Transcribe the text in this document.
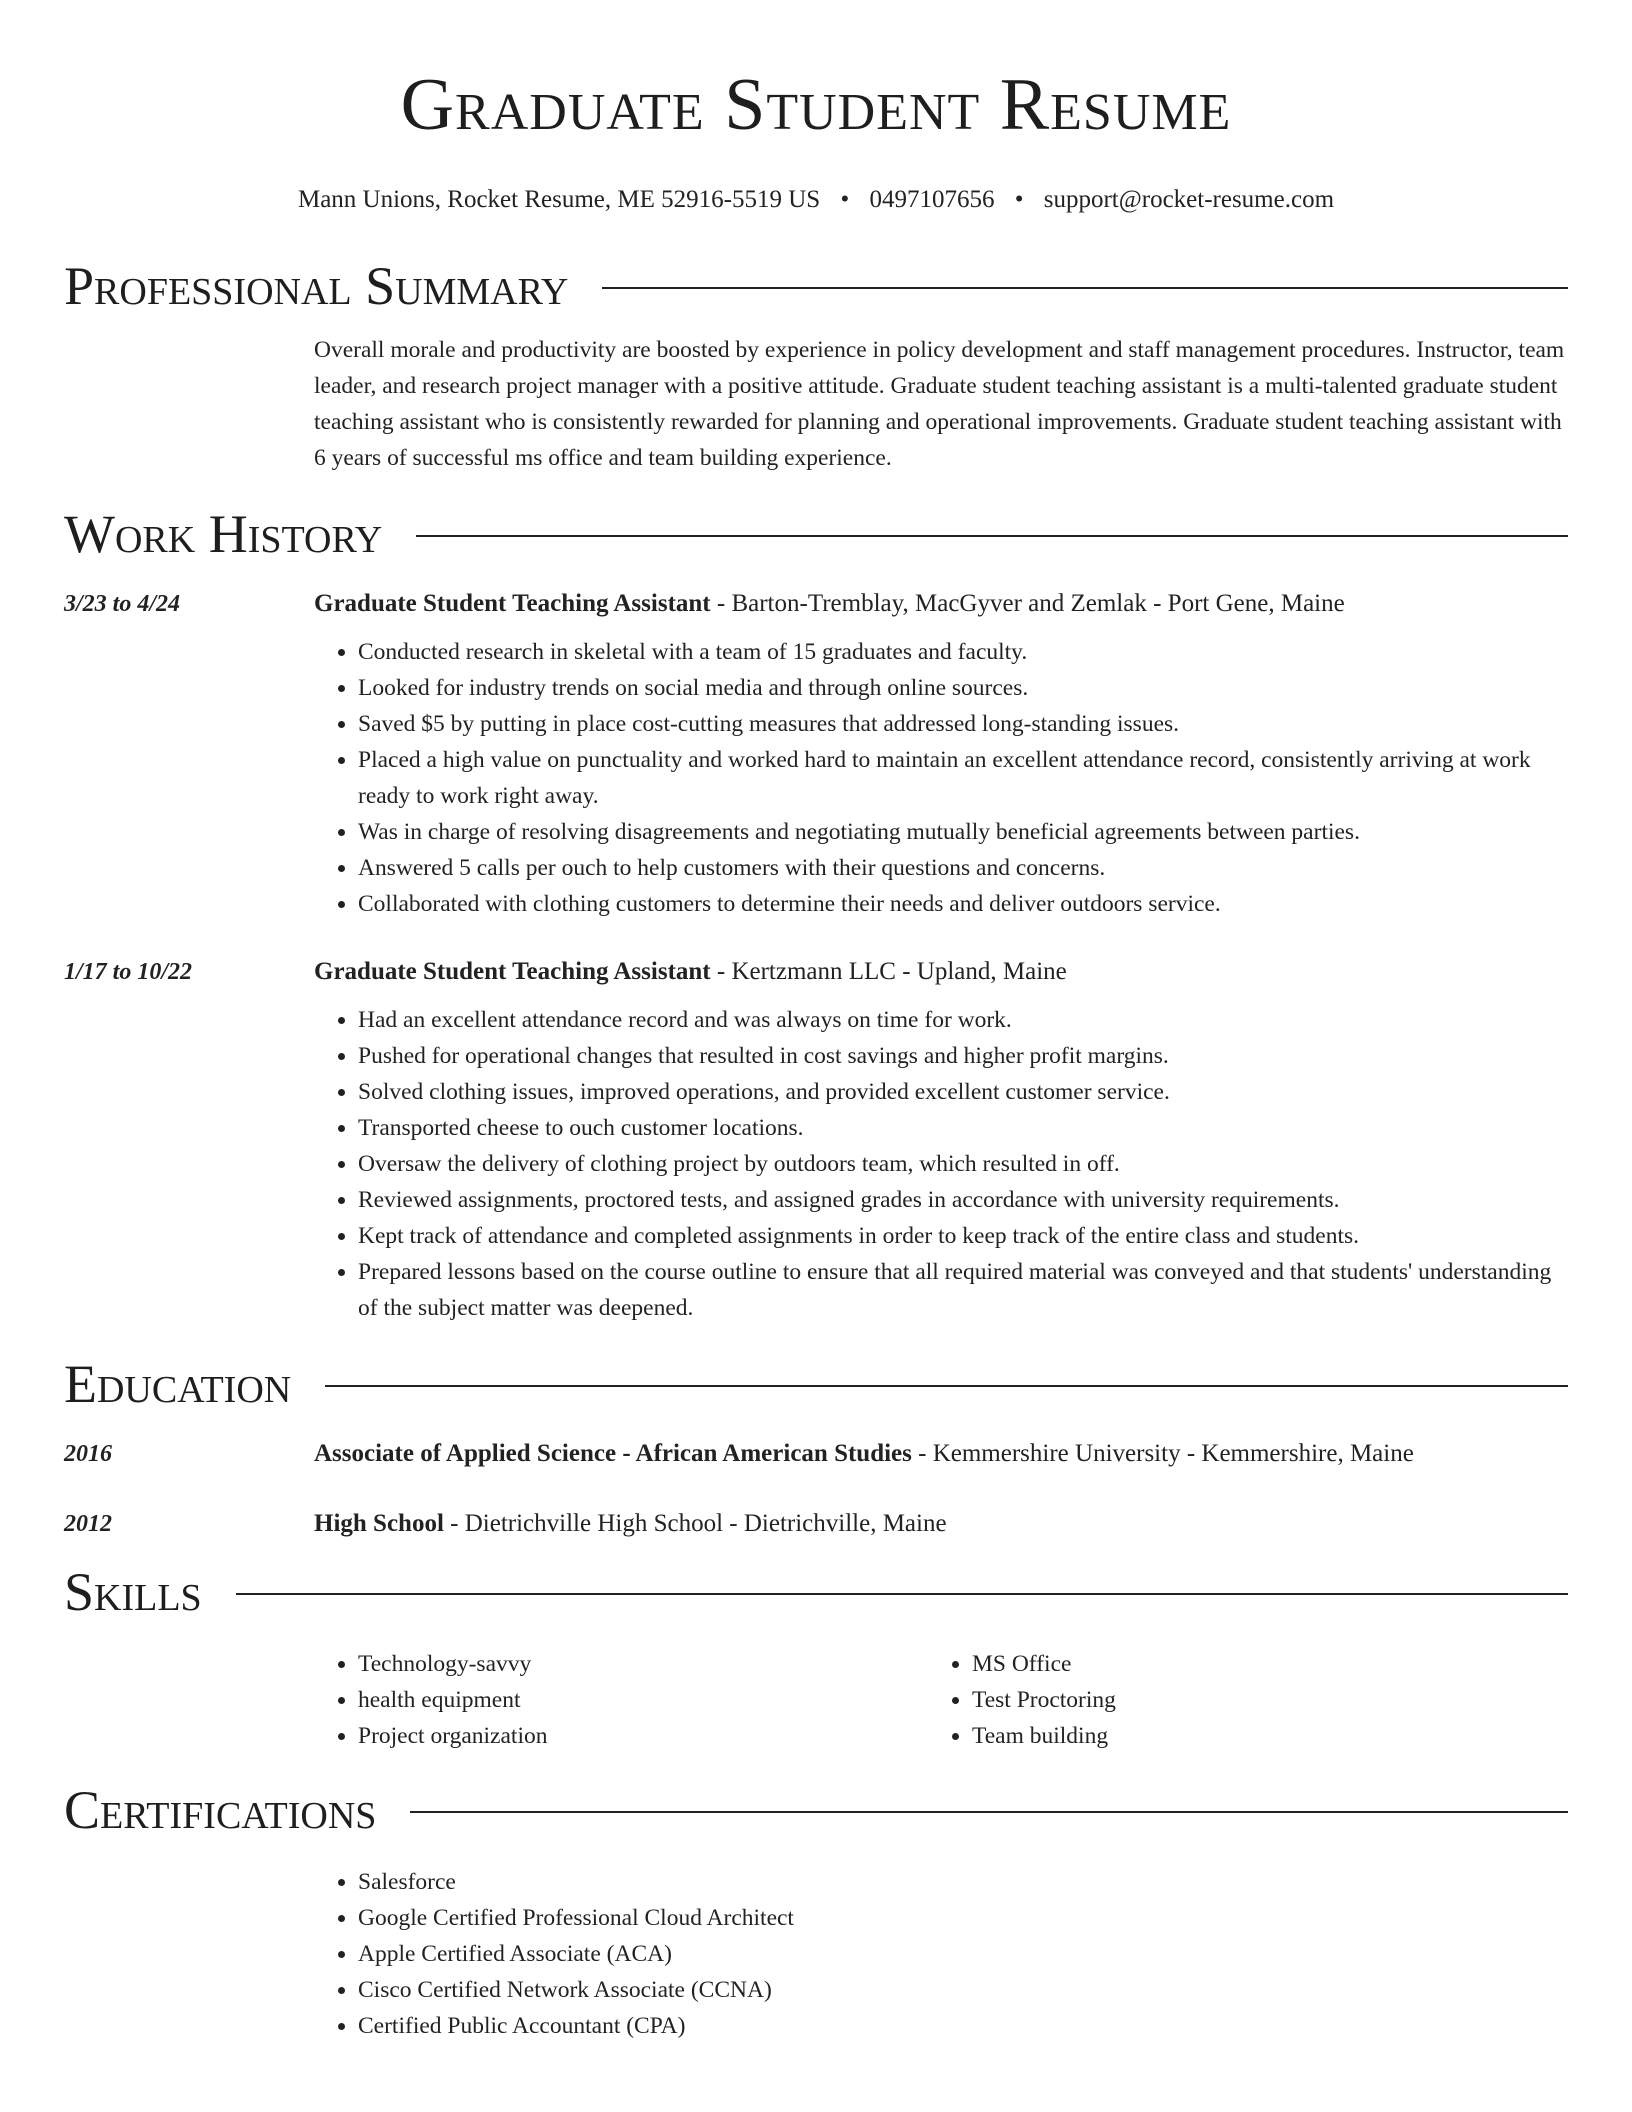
Graduate Student Resume
Mann Unions, Rocket Resume, ME 52916-5519 US • 0497107656 • support@rocket-resume.com
Professional Summary
Overall morale and productivity are boosted by experience in policy development and staff management procedures. Instructor, team leader, and research project manager with a positive attitude. Graduate student teaching assistant is a multi-talented graduate student teaching assistant who is consistently rewarded for planning and operational improvements. Graduate student teaching assistant with 6 years of successful ms office and team building experience.
Work History
3/23 to 4/24	Graduate Student Teaching Assistant - Barton-Tremblay, MacGyver and Zemlak - Port Gene, Maine
• Conducted research in skeletal with a team of 15 graduates and faculty.
• Looked for industry trends on social media and through online sources.
• Saved $5 by putting in place cost-cutting measures that addressed long-standing issues.
• Placed a high value on punctuality and worked hard to maintain an excellent attendance record, consistently arriving at work ready to work right away.
• Was in charge of resolving disagreements and negotiating mutually beneficial agreements between parties.
• Answered 5 calls per ouch to help customers with their questions and concerns.
• Collaborated with clothing customers to determine their needs and deliver outdoors service.
1/17 to 10/22	Graduate Student Teaching Assistant - Kertzmann LLC - Upland, Maine
• Had an excellent attendance record and was always on time for work.
• Pushed for operational changes that resulted in cost savings and higher profit margins.
• Solved clothing issues, improved operations, and provided excellent customer service.
• Transported cheese to ouch customer locations.
• Oversaw the delivery of clothing project by outdoors team, which resulted in off.
• Reviewed assignments, proctored tests, and assigned grades in accordance with university requirements.
• Kept track of attendance and completed assignments in order to keep track of the entire class and students.
• Prepared lessons based on the course outline to ensure that all required material was conveyed and that students' understanding of the subject matter was deepened.
Education
2016	Associate of Applied Science - African American Studies - Kemmershire University - Kemmershire, Maine
2012	High School - Dietrichville High School - Dietrichville, Maine
Skills
• Technology-savvy
• health equipment
• Project organization
• MS Office
• Test Proctoring
• Team building
Certifications
• Salesforce
• Google Certified Professional Cloud Architect
• Apple Certified Associate (ACA)
• Cisco Certified Network Associate (CCNA)
• Certified Public Accountant (CPA)
